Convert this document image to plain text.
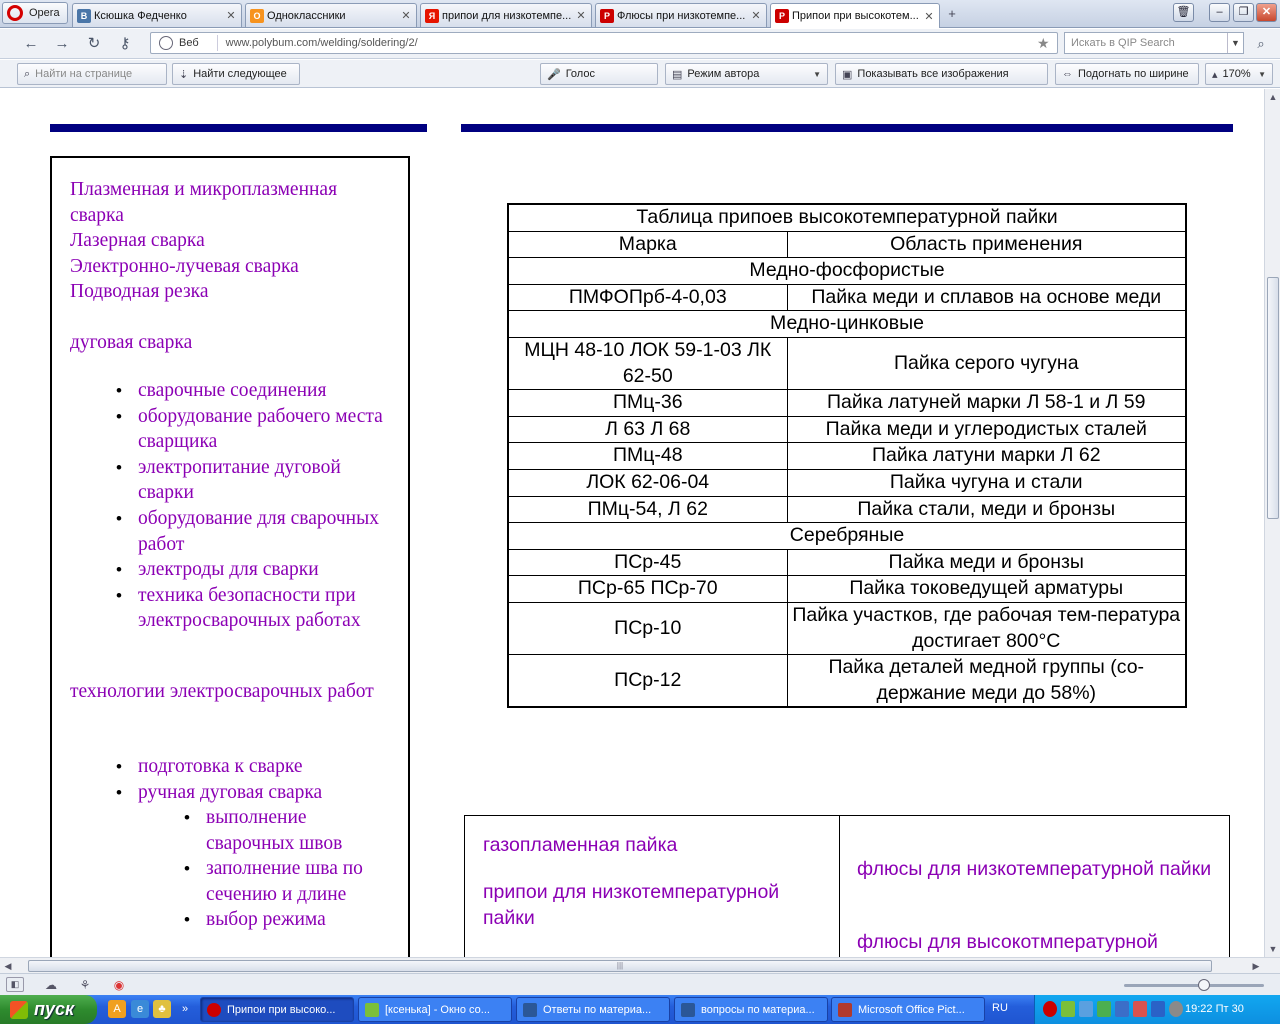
Opera	B Ксюшка Федченко	✕	О Одноклассники	✕	Я припои для низкотемпе... ✕	P Флюсы при низкотемпе... ✕	P Припои при высокотем... ✕	+	🗑	–	❐	✕
← →	↻	⚷	Веб	www.polybum.com/welding/soldering/2/	★	Искать в QIP Search	▼	⌕
⌕ Найти на странице	⇣ Найти следующее	🎤 Голос	▤ Режим автора	▼ ▣ Показывать все изображения	⇔ Подогнать по ширине ▴ 170% ▼
Плазменная и микроплазменная сварка
Лазерная сварка
Электронно-лучевая сварка
Подводная резка
дуговая сварка
• сварочные соединения
• оборудование рабочего места сварщика
• электропитание дуговой сварки
• оборудование для сварочных работ
• электроды для сварки
• техника безопасности при электросварочных работах
технологии электросварочных работ
• подготовка к сварке
• ручная дуговая сварка
• выполнение сварочных швов
• заполнение шва по сечению и длине
• выбор режима
Таблица припоев высокотемпературной пайки	
Марка	Область применения
Медно-фосфористые	
ПМФОПрб-4-0,03	Пайка меди и сплавов на основе меди
Медно-цинковые	
МЦН 48-10 ЛОК 59-1-03 ЛК 62-50	Пайка серого чугуна
ПМц-36	Пайка латуней марки Л 58-1 и Л 59
Л 63 Л 68	Пайка меди и углеродистых сталей
ПМц-48	Пайка латуни марки Л 62
ЛОК 62-06-04	Пайка чугуна и стали
ПМц-54, Л 62	Пайка стали, меди и бронзы
Серебряные	
ПСр-45	Пайка меди и бронзы
ПСр-65 ПСр-70	Пайка токоведущей арматуры
ПСр-10	Пайка участков, где рабочая тем-пература достигает 800°С
ПСр-12	Пайка деталей медной группы (со-держание меди до 58%)
газопламенная пайка
припои для низкотемпературной пайки
флюсы для низкотемпературной пайки
флюсы для высокотмпературной
▲
▼
◀	|||	▶
◧	☁	⚘	◉
пуск	A	e	♣	»	Припои при высоко...	[ксенька] - Окно со...	Ответы по материа...	вопросы по материа...	Microsoft Office Pict... RU	19:22 Пт 30
